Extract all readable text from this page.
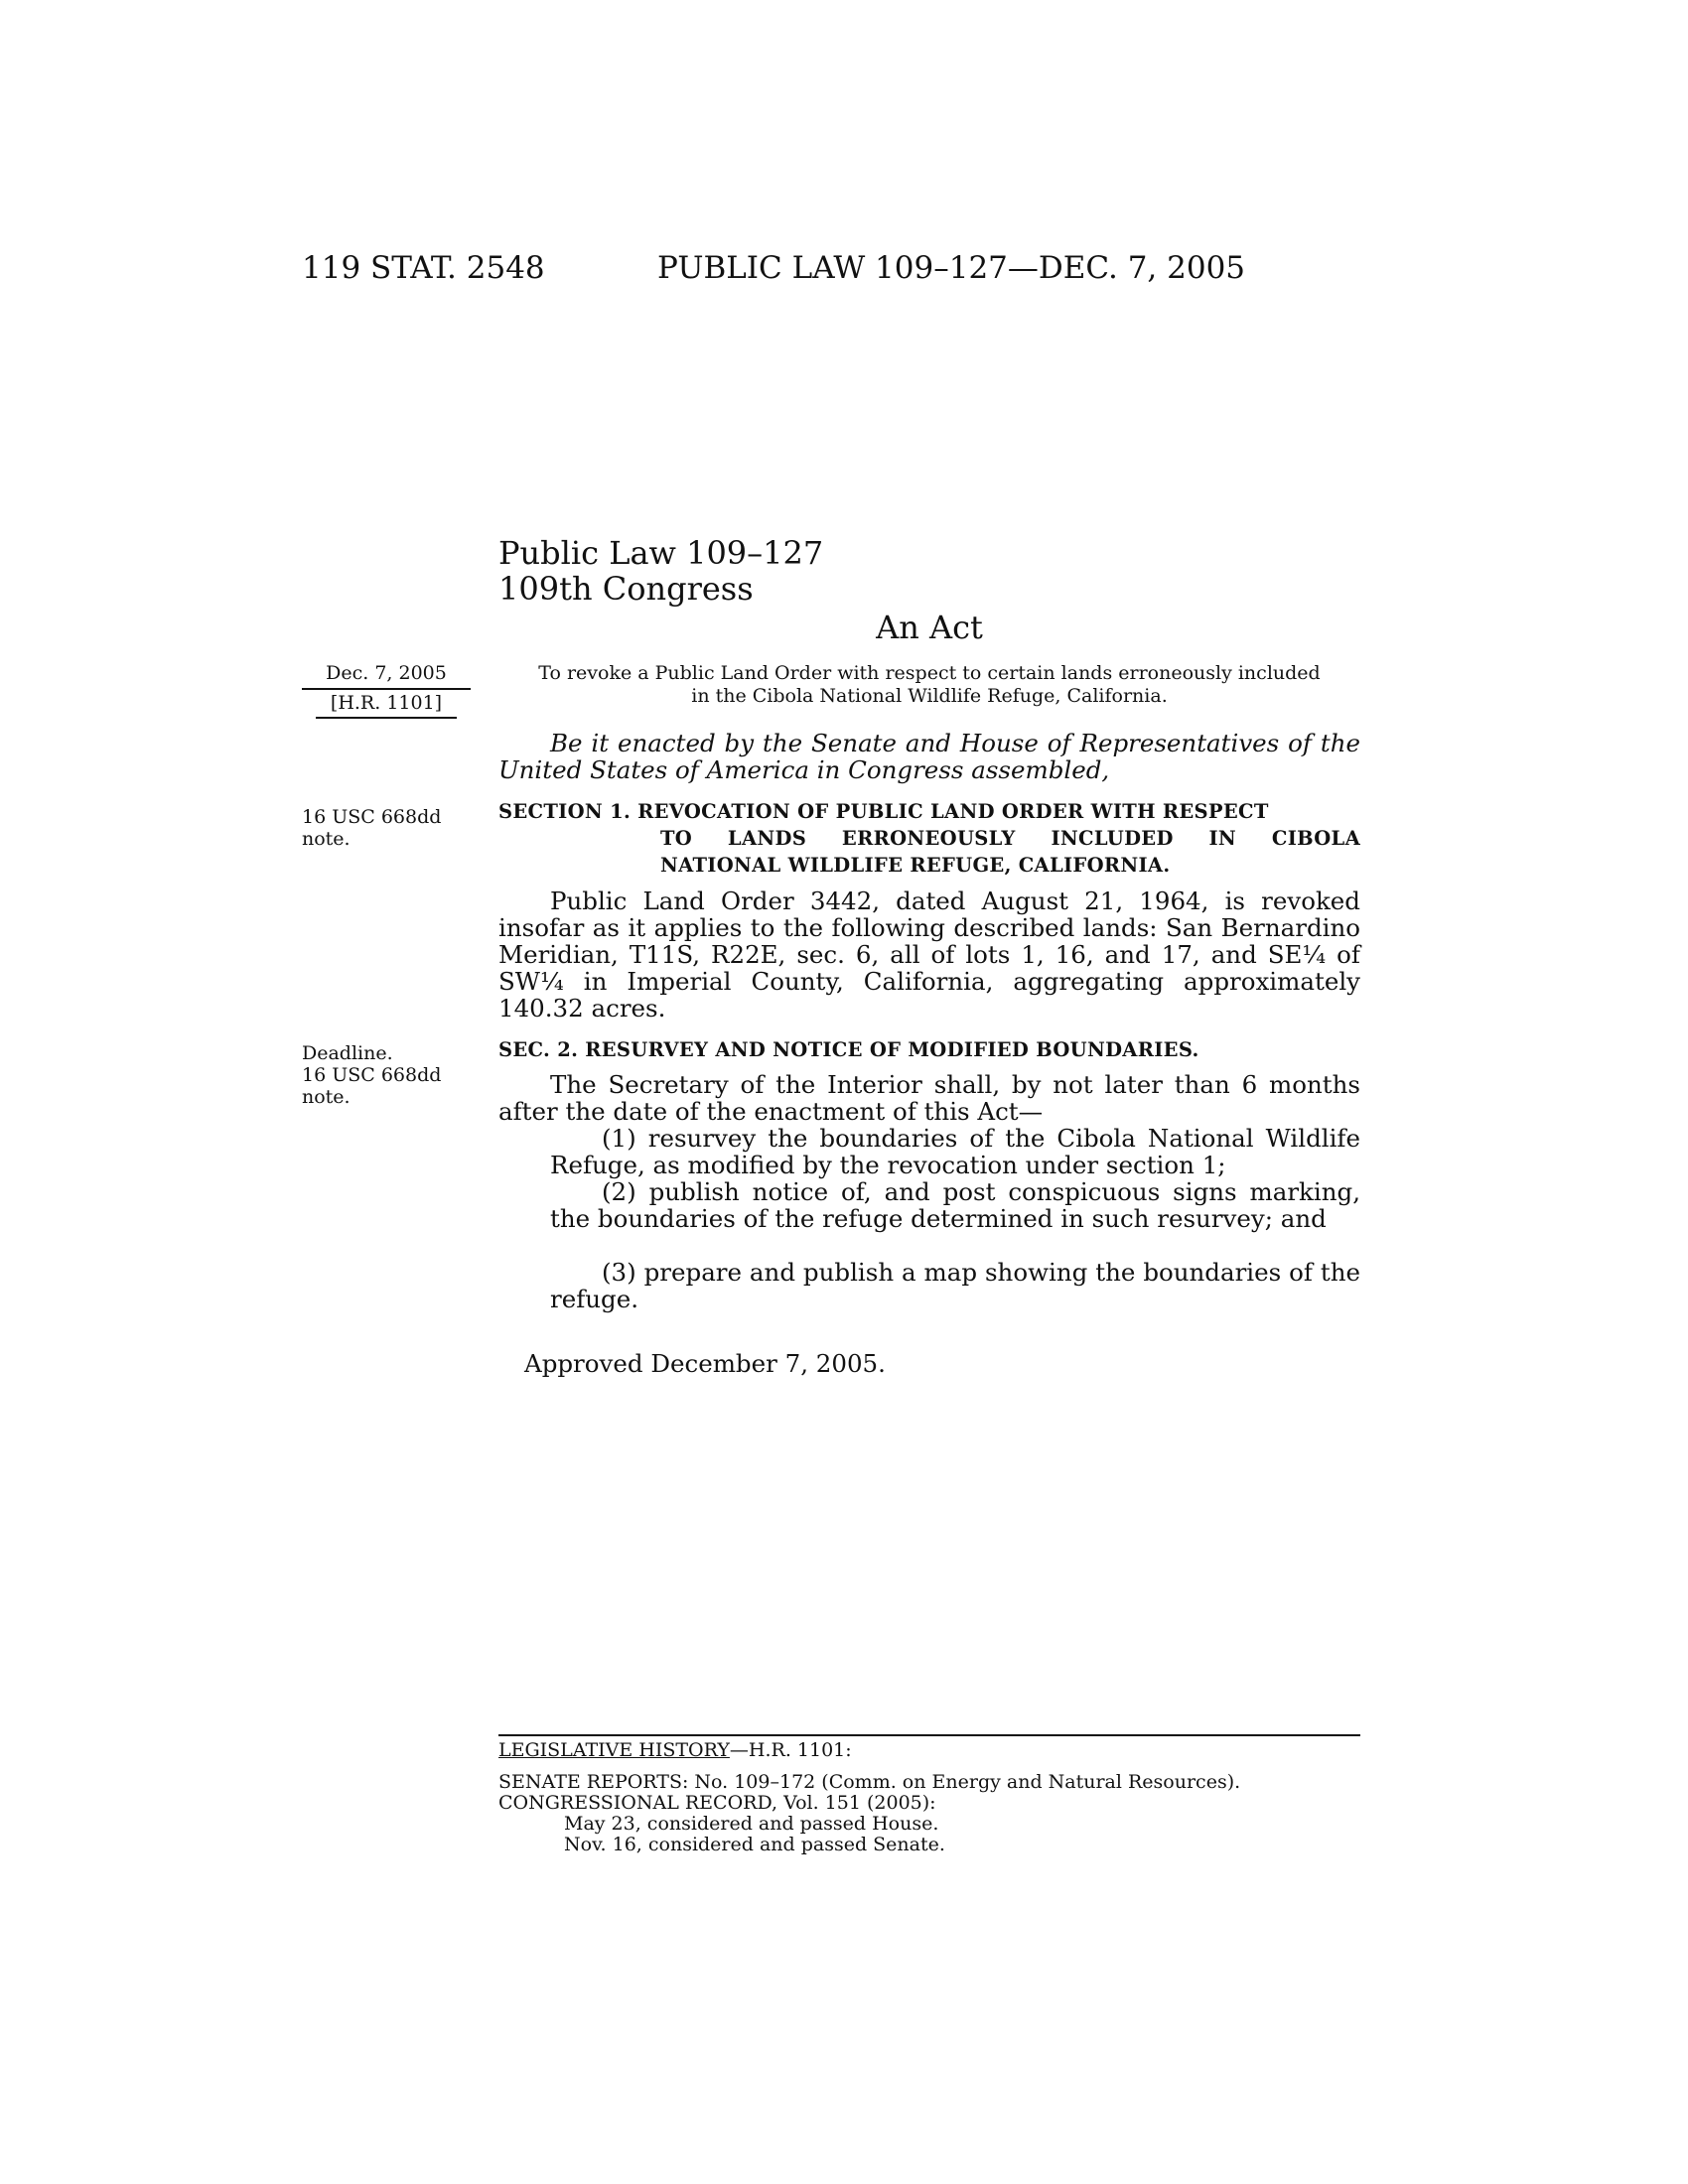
119 STAT. 2548	PUBLIC LAW 109–127—DEC. 7, 2005
Public Law 109–127
109th Congress
An Act
Dec. 7, 2005
[H.R. 1101]
16 USC 668dd
note.
Deadline.
16 USC 668dd
note.
To revoke a Public Land Order with respect to certain lands erroneously included
in the Cibola National Wildlife Refuge, California.
Be it enacted by the Senate and House of Representatives of the United States of America in Congress assembled,
SECTION 1. REVOCATION OF PUBLIC LAND ORDER WITH RESPECT
TO LANDS ERRONEOUSLY INCLUDED IN CIBOLA
NATIONAL WILDLIFE REFUGE, CALIFORNIA.
Public Land Order 3442, dated August 21, 1964, is revoked insofar as it applies to the following described lands: San Bernardino Meridian, T11S, R22E, sec. 6, all of lots 1, 16, and 17, and SE¼ of SW¼ in Imperial County, California, aggregating approximately 140.32 acres.
SEC. 2. RESURVEY AND NOTICE OF MODIFIED BOUNDARIES.
The Secretary of the Interior shall, by not later than 6 months after the date of the enactment of this Act—
(1) resurvey the boundaries of the Cibola National Wildlife Refuge, as modified by the revocation under section 1;
(2) publish notice of, and post conspicuous signs marking, the boundaries of the refuge determined in such resurvey; and
(3) prepare and publish a map showing the boundaries of the refuge.
Approved December 7, 2005.
LEGISLATIVE HISTORY—H.R. 1101:
SENATE REPORTS: No. 109–172 (Comm. on Energy and Natural Resources).
CONGRESSIONAL RECORD, Vol. 151 (2005):
May 23, considered and passed House.
Nov. 16, considered and passed Senate.
